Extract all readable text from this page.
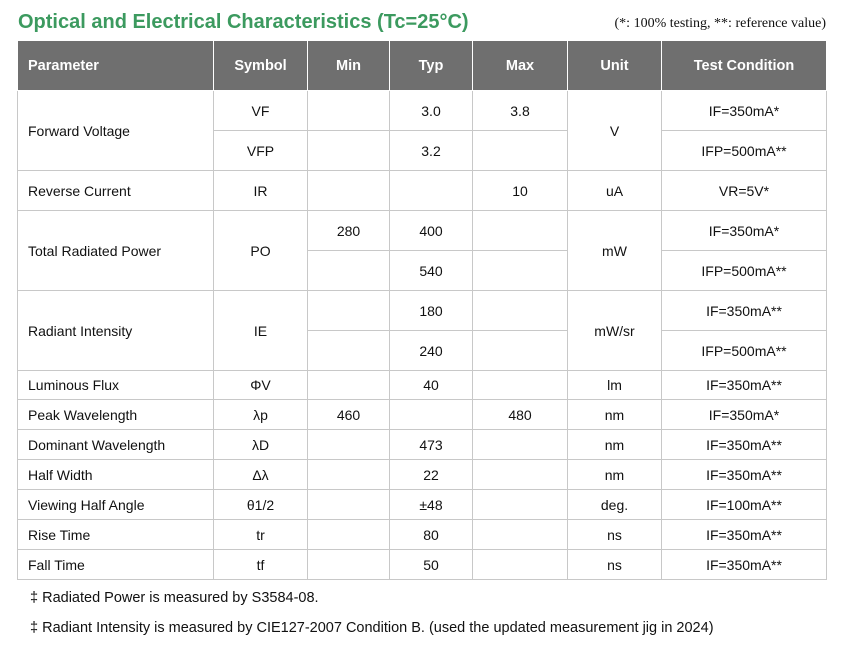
Optical and Electrical Characteristics (Tc=25°C)	(*: 100% testing, **: reference value)
Parameter	Symbol	Min	Typ	Max	Unit	Test Condition
Forward Voltage	VF		3.0	3.8	V	IF=350mA*
	VFP		3.2			IFP=500mA**
Reverse Current	IR			10	uA	VR=5V*
Total Radiated Power	PO	280	400		mW	IF=350mA*
			540			IFP=500mA**
Radiant Intensity	IE		180		mW/sr	IF=350mA**
			240			IFP=500mA**
Luminous Flux	ΦV		40		lm	IF=350mA**
Peak Wavelength	λp	460		480	nm	IF=350mA*
Dominant Wavelength	λD		473		nm	IF=350mA**
Half Width	Δλ		22		nm	IF=350mA**
Viewing Half Angle	θ1/2		±48		deg.	IF=100mA**
Rise Time	tr		80		ns	IF=350mA**
Fall Time	tf		50		ns	IF=350mA**
‡ Radiated Power is measured by S3584-08.
‡ Radiant Intensity is measured by CIE127-2007 Condition B. (used the updated measurement jig in 2024)
